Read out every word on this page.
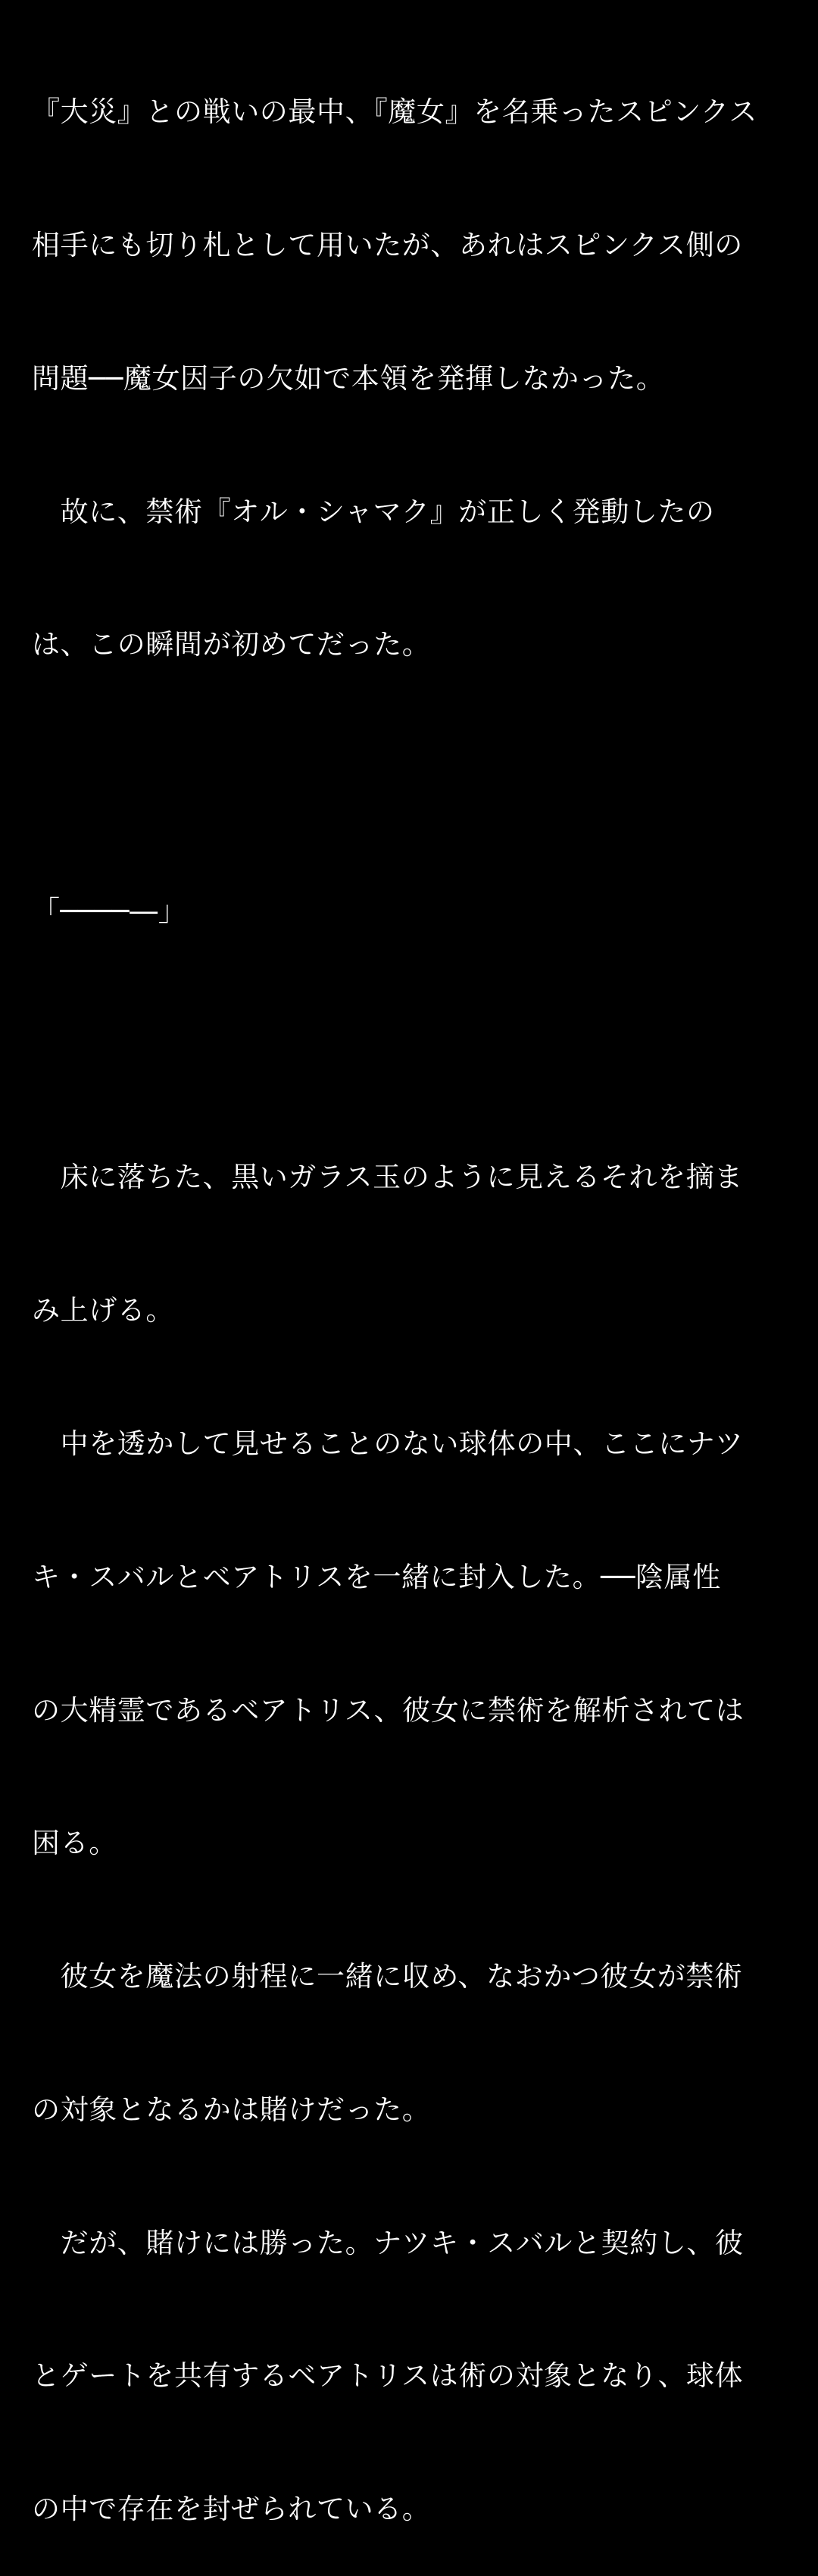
『大災』との戦いの最中、『魔女』を名乗ったスピンクス

相手にも切り札として用いたが、あれはスピンクス側の

問題──魔女因子の欠如で本領を発揮しなかった。

　故に、禁術『オル・シャマク』が正しく発動したの

は、この瞬間が初めてだった。

「────―」

　床に落ちた、黒いガラス玉のように見えるそれを摘ま

み上げる。

　中を透かして見せることのない球体の中、ここにナツ

キ・スバルとベアトリスを一緒に封入した。──陰属性

の大精霊であるベアトリス、彼女に禁術を解析されては

困る。

　彼女を魔法の射程に一緒に収め、なおかつ彼女が禁術

の対象となるかは賭けだった。

　だが、賭けには勝った。ナツキ・スバルと契約し、彼

とゲートを共有するベアトリスは術の対象となり、球体

の中で存在を封ぜられている。
